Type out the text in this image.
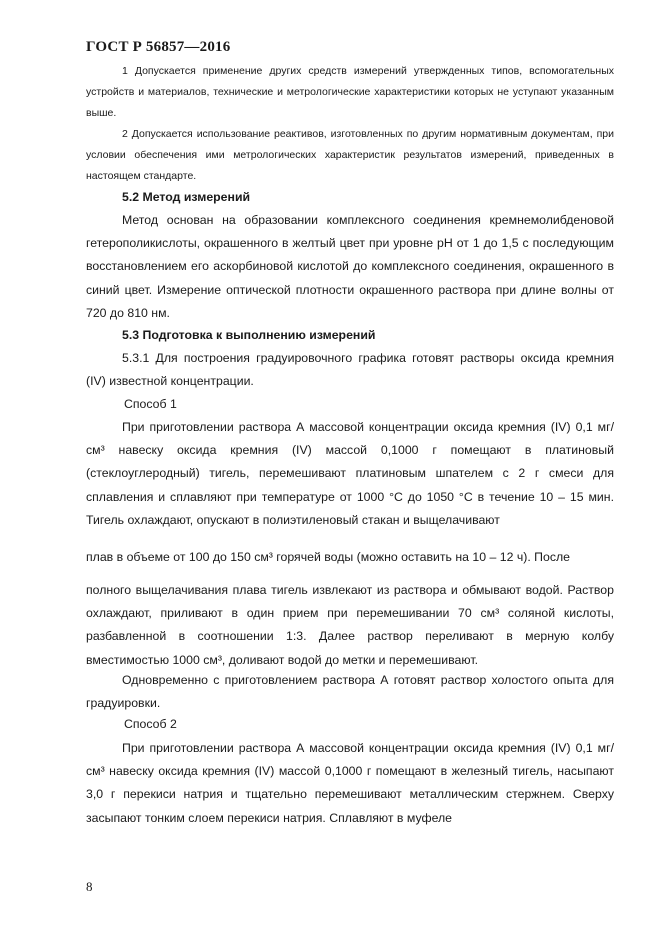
ГОСТ Р 56857—2016

1 Допускается применение других средств измерений утвержденных типов, вспомогательных устройств и материалов, технические и метрологические характеристики которых не уступают указанным выше.

2 Допускается использование реактивов, изготовленных по другим нормативным документам, при условии обеспечения ими метрологических характеристик результатов измерений, приведенных в настоящем стандарте.

5.2 Метод измерений

Метод основан на образовании комплексного соединения кремнемолибденовой гетерополикислоты, окрашенного в желтый цвет при уровне рН от 1 до 1,5 с последующим восстановлением его аскорбиновой кислотой до комплексного соединения, окрашенного в синий цвет. Измерение оптической плотности окрашенного раствора при длине волны от 720 до 810 нм.

5.3 Подготовка к выполнению измерений

5.3.1 Для построения градуировочного графика готовят растворы оксида кремния (IV) известной концентрации.

Способ 1

При приготовлении раствора А массовой концентрации оксида кремния (IV) 0,1 мг/см³ навеску оксида кремния (IV) массой 0,1000 г помещают в платиновый (стеклоуглеродный) тигель, перемешивают платиновым шпателем с 2 г смеси для сплавления и сплавляют при температуре от 1000 °С до 1050 °С в течение 10 – 15 мин. Тигель охлаждают, опускают в полиэтиленовый стакан и выщелачивают

плав в объеме от 100 до 150 см³ горячей воды (можно оставить на 10 – 12 ч). После
полного выщелачивания плава тигель извлекают из раствора и обмывают водой. Раствор охлаждают, приливают в один прием при перемешивании 70 см³ соляной кислоты, разбавленной в соотношении 1:3. Далее раствор переливают в мерную колбу вместимостью 1000 см³, доливают водой до метки и перемешивают.

Одновременно с приготовлением раствора А готовят раствор холостого опыта для градуировки.

Способ 2

При приготовлении раствора А массовой концентрации оксида кремния (IV) 0,1 мг/см³ навеску оксида кремния (IV) массой 0,1000 г помещают в железный тигель, насыпают 3,0 г перекиси натрия и тщательно перемешивают металлическим стержнем. Сверху засыпают тонким слоем перекиси натрия. Сплавляют в муфеле

8
